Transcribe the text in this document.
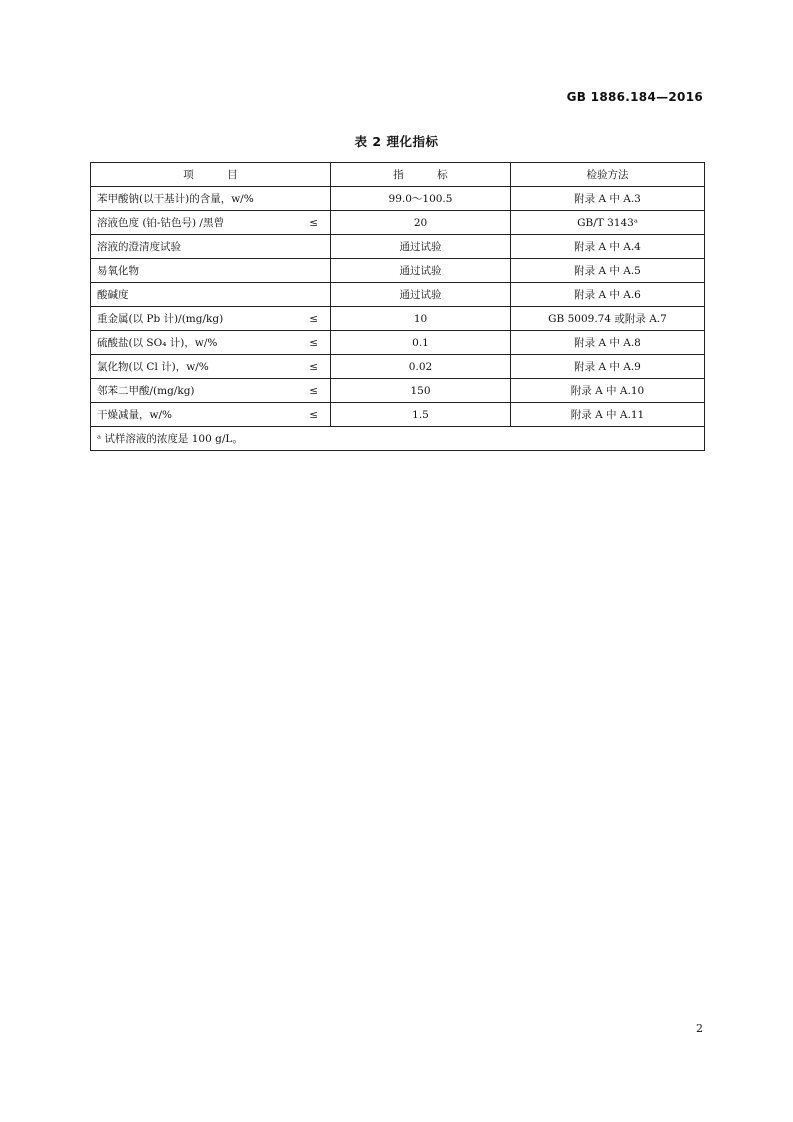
GB 1886.184—2016
表 2 理化指标
项          目	指          标	检验方法

苯甲酸钠(以干基计)的含量，w/%	99.0～100.5	附录 A 中 A.3

溶液色度 (铂-钴色号) /黑曾 ≤	20	GB/T 3143ᵃ

溶液的澄清度试验	通过试验	附录 A 中 A.4

易氧化物	通过试验	附录 A 中 A.5

酸碱度	通过试验	附录 A 中 A.6

重金属(以 Pb 计)/(mg/kg) ≤	10	GB 5009.74 或附录 A.7

硫酸盐(以 SO₄ 计)，w/% ≤	0.1	附录 A 中 A.8

氯化物(以 Cl 计)，w/% ≤	0.02	附录 A 中 A.9

邻苯二甲酸/(mg/kg) ≤	150	附录 A 中 A.10

干燥减量，w/% ≤	1.5	附录 A 中 A.11
ᵃ 试样溶液的浓度是 100 g/L。		
2
